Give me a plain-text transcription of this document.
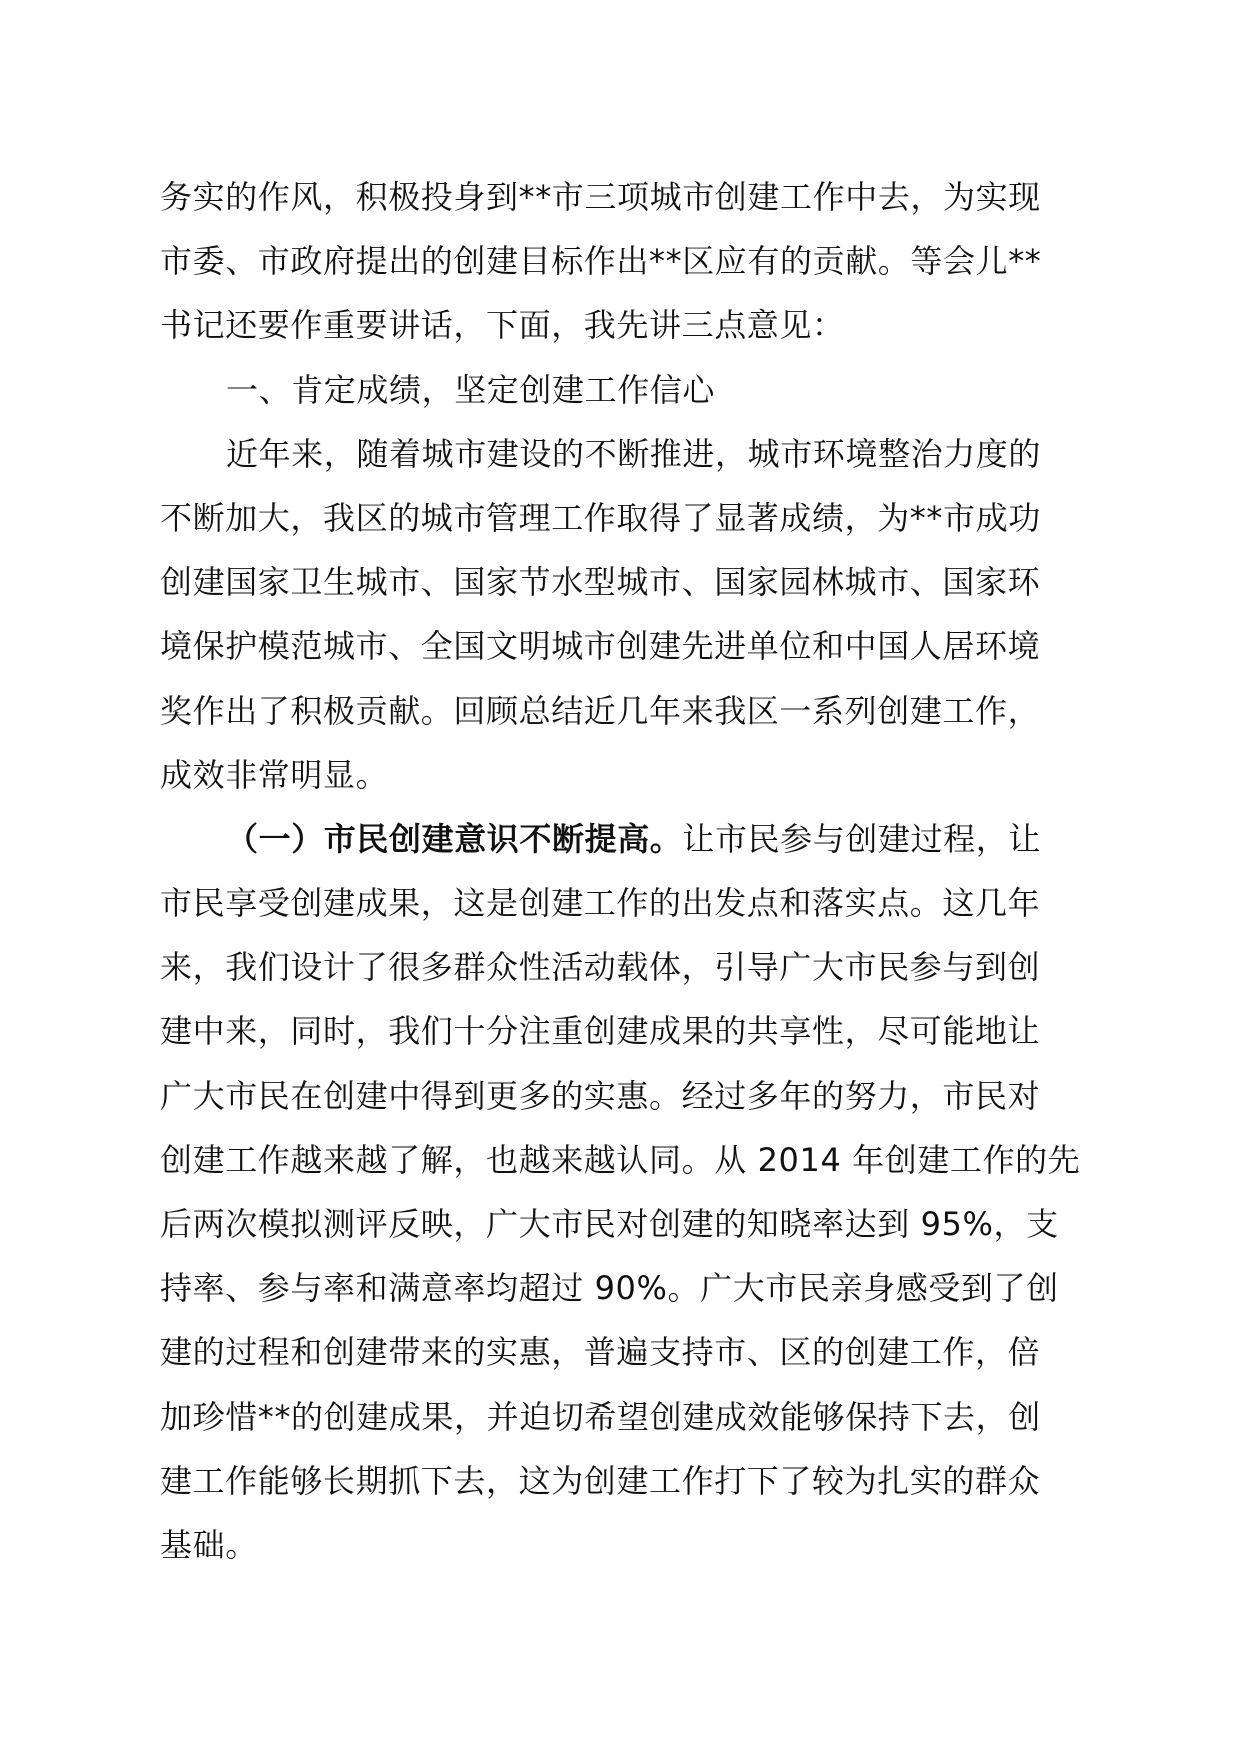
务实的作风，积极投身到**市三项城市创建工作中去，为实现
市委、市政府提出的创建目标作出**区应有的贡献。等会儿**
书记还要作重要讲话，下面，我先讲三点意见：
一、肯定成绩，坚定创建工作信心
近年来，随着城市建设的不断推进，城市环境整治力度的
不断加大，我区的城市管理工作取得了显著成绩，为**市成功
创建国家卫生城市、国家节水型城市、国家园林城市、国家环
境保护模范城市、全国文明城市创建先进单位和中国人居环境
奖作出了积极贡献。回顾总结近几年来我区一系列创建工作，
成效非常明显。
（一）市民创建意识不断提高。让市民参与创建过程，让
市民享受创建成果，这是创建工作的出发点和落实点。这几年
来，我们设计了很多群众性活动载体，引导广大市民参与到创
建中来，同时，我们十分注重创建成果的共享性，尽可能地让
广大市民在创建中得到更多的实惠。经过多年的努力，市民对
创建工作越来越了解，也越来越认同。从 2014 年创建工作的先
后两次模拟测评反映，广大市民对创建的知晓率达到 95%，支
持率、参与率和满意率均超过 90%。广大市民亲身感受到了创
建的过程和创建带来的实惠，普遍支持市、区的创建工作，倍
加珍惜**的创建成果，并迫切希望创建成效能够保持下去，创
建工作能够长期抓下去，这为创建工作打下了较为扎实的群众
基础。
